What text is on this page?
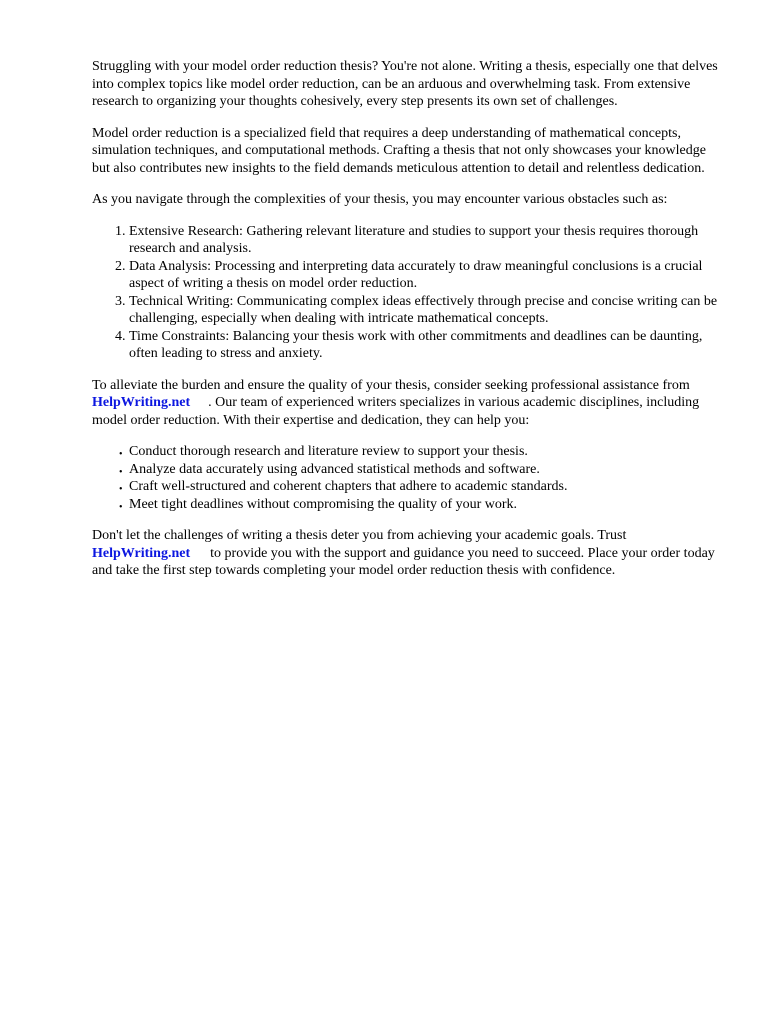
Struggling with your model order reduction thesis? You're not alone. Writing a thesis, especially one that delves into complex topics like model order reduction, can be an arduous and overwhelming task. From extensive research to organizing your thoughts cohesively, every step presents its own set of challenges.

Model order reduction is a specialized field that requires a deep understanding of mathematical concepts, simulation techniques, and computational methods. Crafting a thesis that not only showcases your knowledge but also contributes new insights to the field demands meticulous attention to detail and relentless dedication.

As you navigate through the complexities of your thesis, you may encounter various obstacles such as:

1. Extensive Research: Gathering relevant literature and studies to support your thesis requires thorough research and analysis.
2. Data Analysis: Processing and interpreting data accurately to draw meaningful conclusions is a crucial aspect of writing a thesis on model order reduction.
3. Technical Writing: Communicating complex ideas effectively through precise and concise writing can be challenging, especially when dealing with intricate mathematical concepts.
4. Time Constraints: Balancing your thesis work with other commitments and deadlines can be daunting, often leading to stress and anxiety.

To alleviate the burden and ensure the quality of your thesis, consider seeking professional assistance fromHelpWriting.net . Our team of experienced writers specializes in various academic disciplines, including model order reduction. With their expertise and dedication, they can help you:

• Conduct thorough research and literature review to support your thesis.
• Analyze data accurately using advanced statistical methods and software.
• Craft well-structured and coherent chapters that adhere to academic standards.
• Meet tight deadlines without compromising the quality of your work.

Don't let the challenges of writing a thesis deter you from achieving your academic goals. Trust
HelpWriting.net to provide you with the support and guidance you need to succeed. Place your order today and take the first step towards completing your model order reduction thesis with confidence.
